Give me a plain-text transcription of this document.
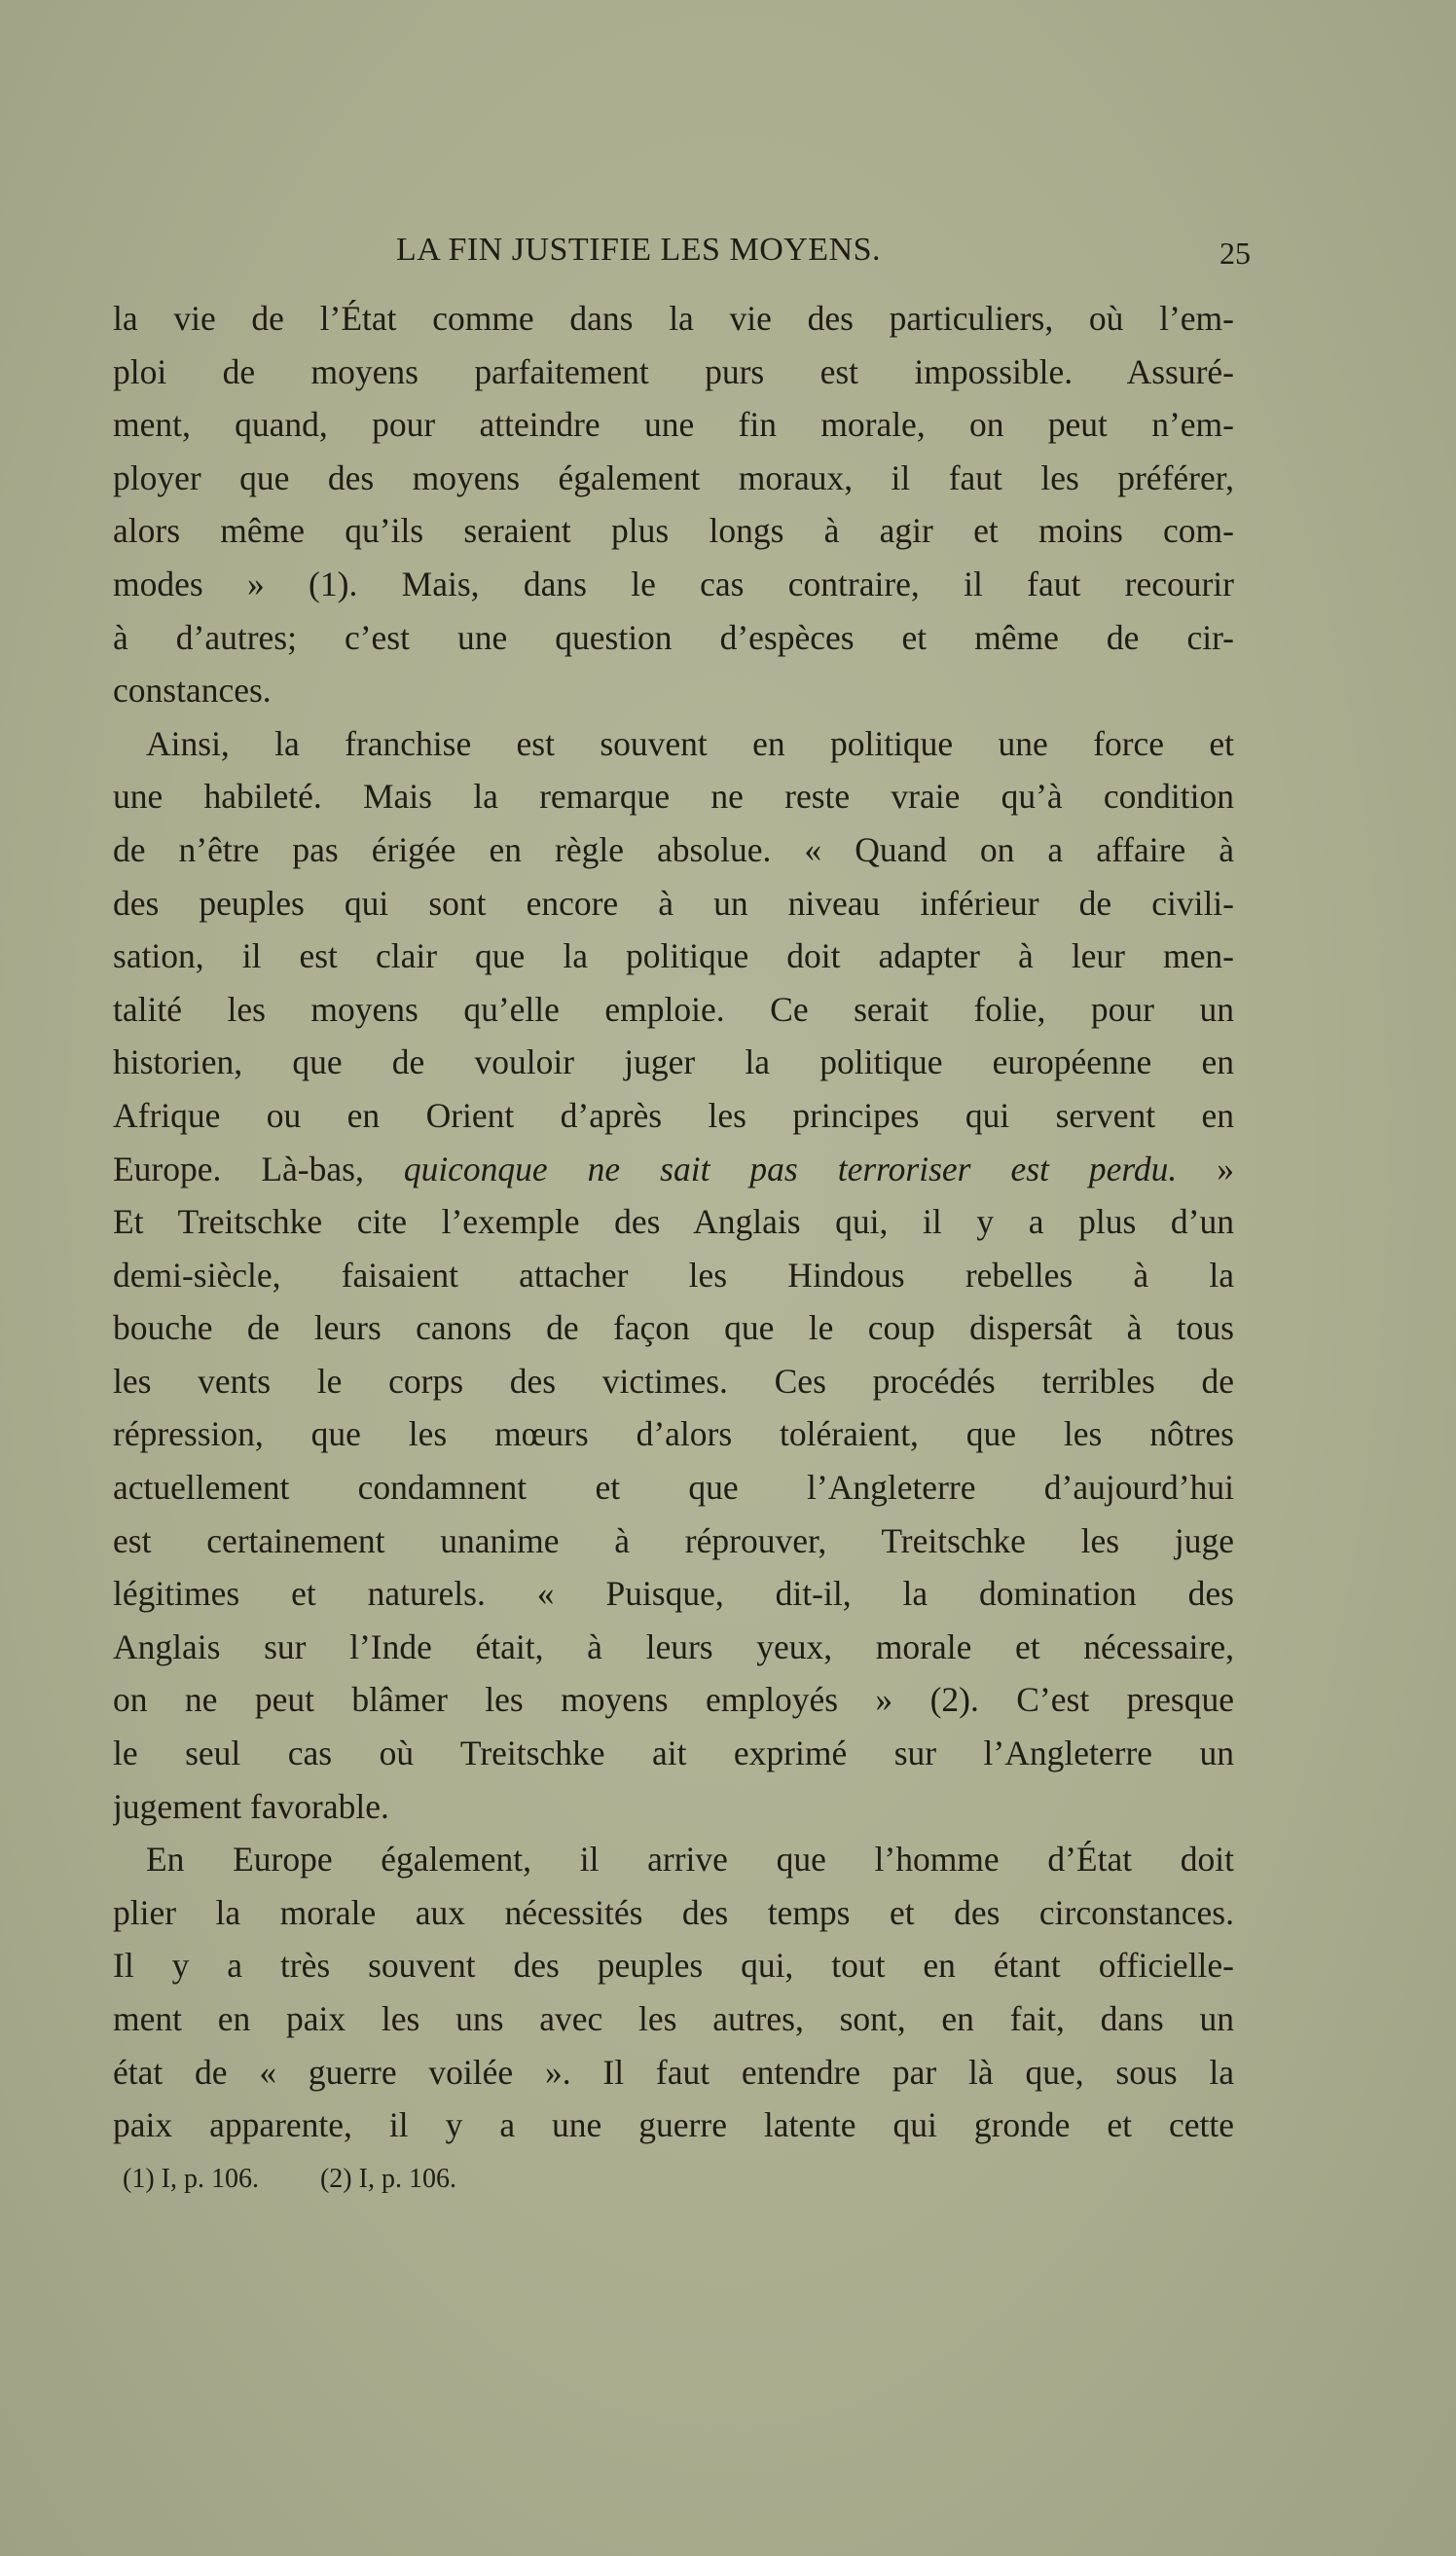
LA FIN JUSTIFIE LES MOYENS.	25
la vie de l’État comme dans la vie des particuliers, où l’em-
ploi de moyens parfaitement purs est impossible. Assuré-
ment, quand, pour atteindre une fin morale, on peut n’em-
ployer que des moyens également moraux, il faut les préférer,
alors même qu’ils seraient plus longs à agir et moins com-
modes » (1). Mais, dans le cas contraire, il faut recourir
à d’autres; c’est une question d’espèces et même de cir-
constances.
Ainsi, la franchise est souvent en politique une force et
une habileté. Mais la remarque ne reste vraie qu’à condition
de n’être pas érigée en règle absolue. « Quand on a affaire à
des peuples qui sont encore à un niveau inférieur de civili-
sation, il est clair que la politique doit adapter à leur men-
talité les moyens qu’elle emploie. Ce serait folie, pour un
historien, que de vouloir juger la politique européenne en
Afrique ou en Orient d’après les principes qui servent en
Europe. Là-bas, quiconque ne sait pas terroriser est perdu. »
Et Treitschke cite l’exemple des Anglais qui, il y a plus d’un
demi-siècle, faisaient attacher les Hindous rebelles à la
bouche de leurs canons de façon que le coup dispersât à tous
les vents le corps des victimes. Ces procédés terribles de
répression, que les mœurs d’alors toléraient, que les nôtres
actuellement condamnent et que l’Angleterre d’aujourd’hui
est certainement unanime à réprouver, Treitschke les juge
légitimes et naturels. « Puisque, dit-il, la domination des
Anglais sur l’Inde était, à leurs yeux, morale et nécessaire,
on ne peut blâmer les moyens employés » (2). C’est presque
le seul cas où Treitschke ait exprimé sur l’Angleterre un
jugement favorable.
En Europe également, il arrive que l’homme d’État doit
plier la morale aux nécessités des temps et des circonstances.
Il y a très souvent des peuples qui, tout en étant officielle-
ment en paix les uns avec les autres, sont, en fait, dans un
état de « guerre voilée ». Il faut entendre par là que, sous la
paix apparente, il y a une guerre latente qui gronde et cette
(1) I, p. 106. (2) I, p. 106.
